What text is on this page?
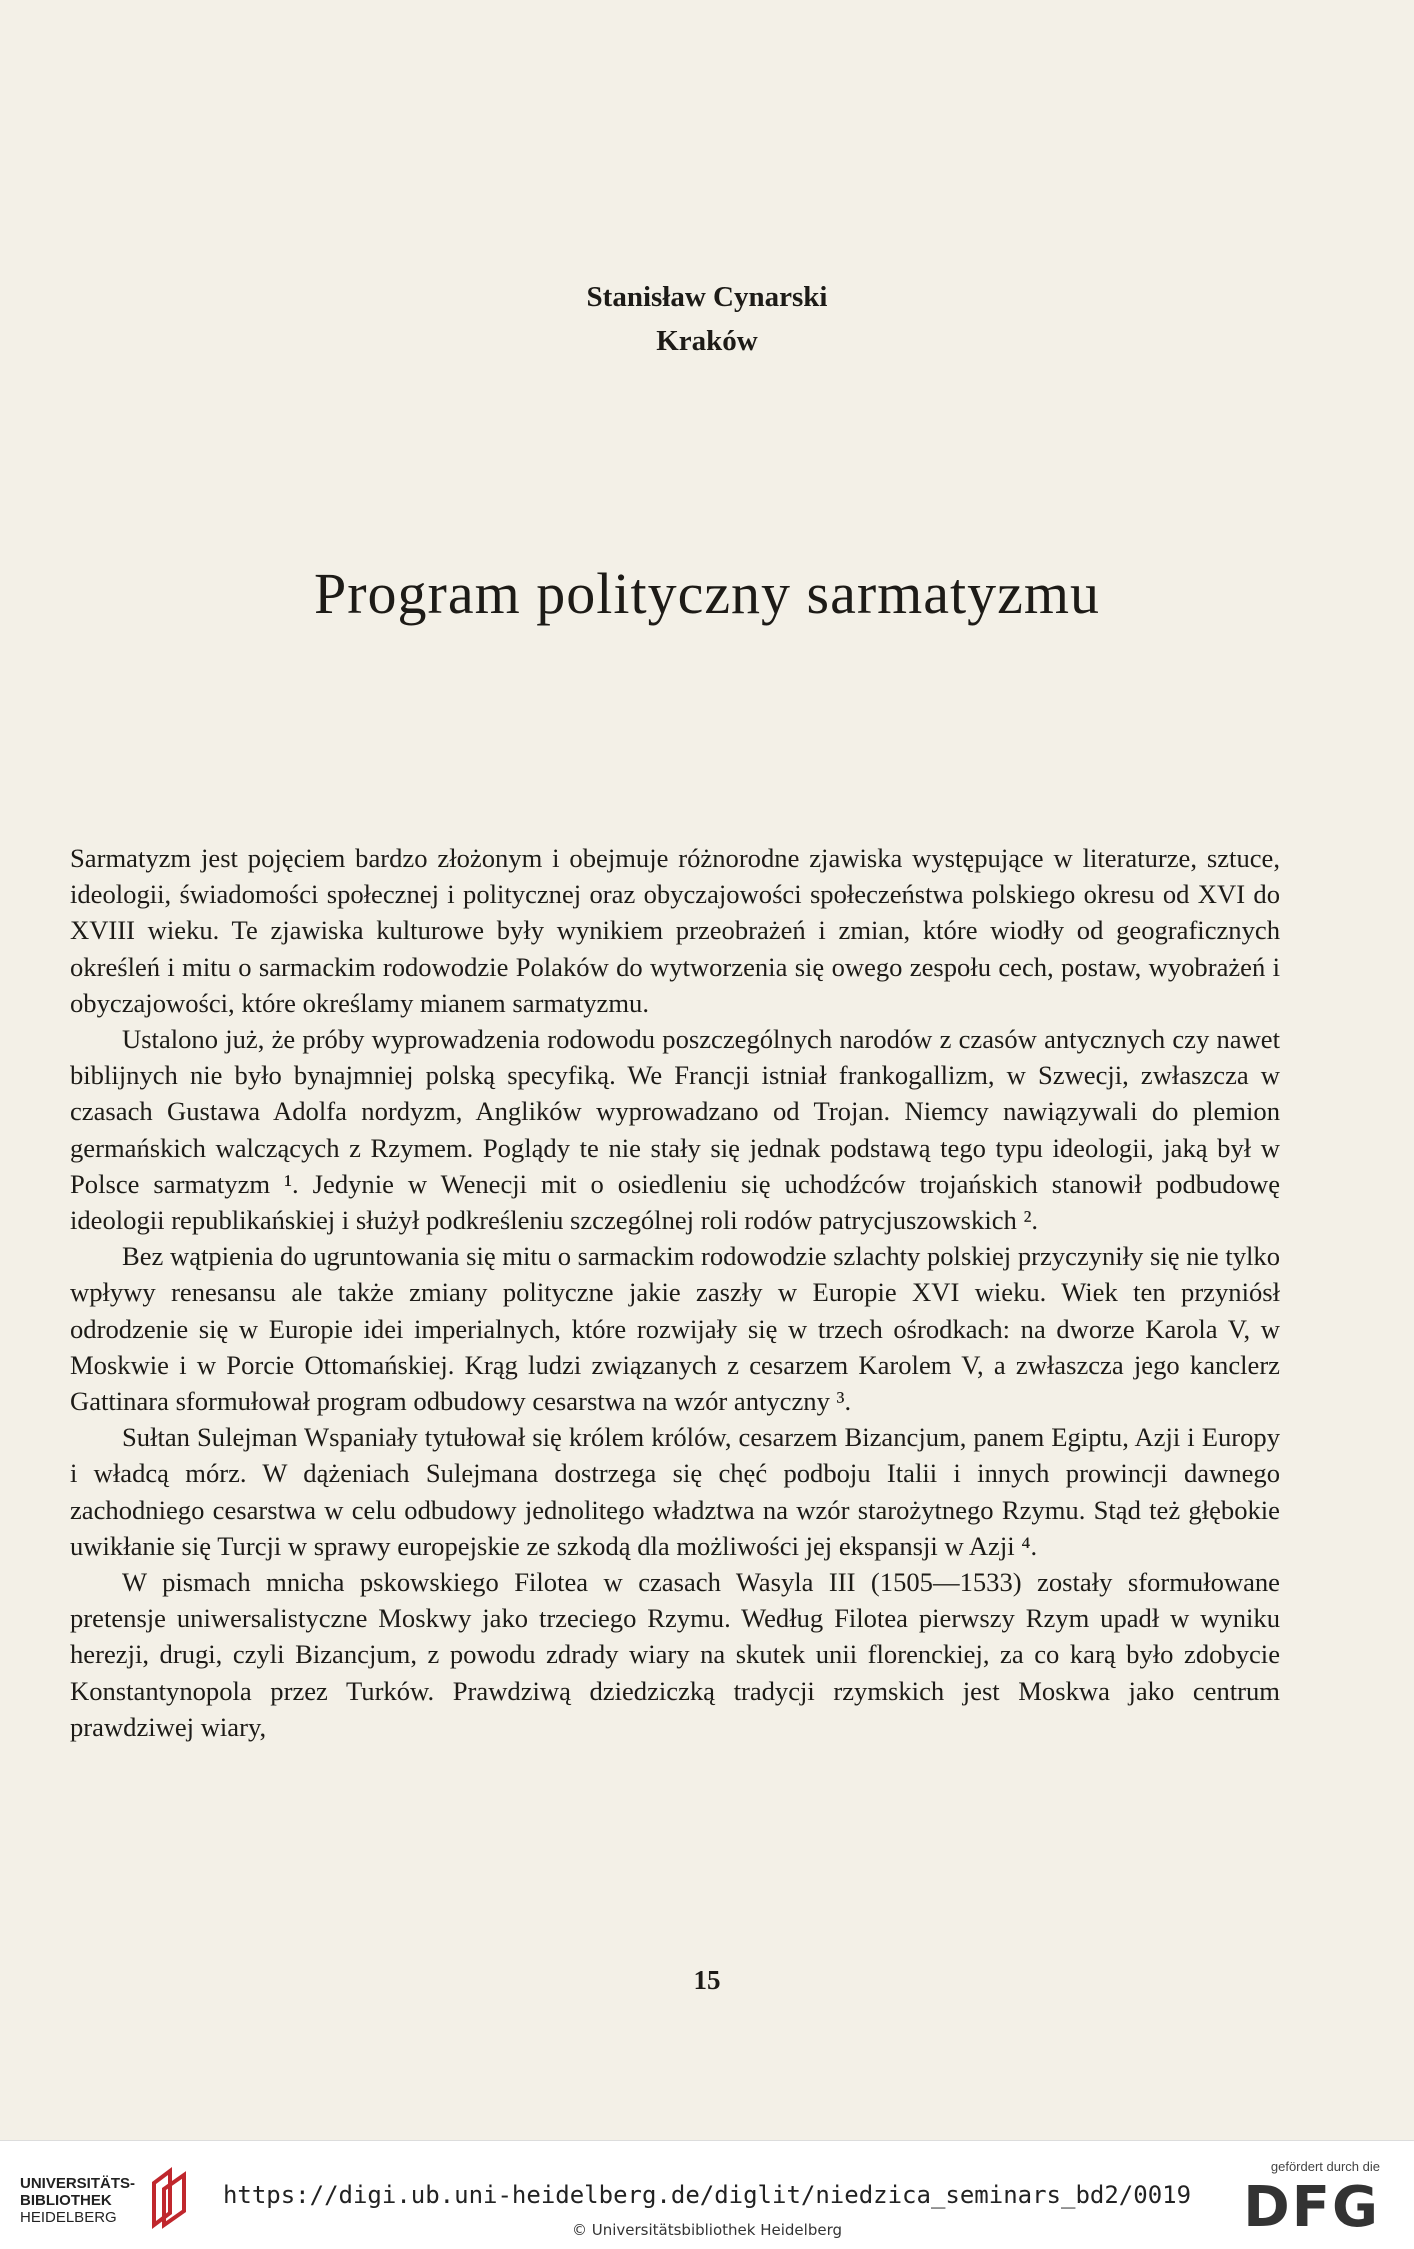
Stanisław Cynarski
Kraków
Program polityczny sarmatyzmu

Sarmatyzm jest pojęciem bardzo złożonym i obejmuje różnorodne zjawiska występujące w literaturze, sztuce, ideologii, świadomości społecznej i politycznej oraz obyczajowości społeczeństwa polskiego okresu od XVI do XVIII wieku. Te zjawiska kulturowe były wynikiem przeobrażeń i zmian, które wiodły od geograficznych określeń i mitu o sarmackim rodowodzie Polaków do wytworzenia się owego zespołu cech, postaw, wyobrażeń i obyczajowości, które określamy mianem sarmatyzmu.

Ustalono już, że próby wyprowadzenia rodowodu poszczególnych narodów z czasów antycznych czy nawet biblijnych nie było bynajmniej polską specyfiką. We Francji istniał frankogallizm, w Szwecji, zwłaszcza w czasach Gustawa Adolfa nordyzm, Anglików wyprowadzano od Trojan. Niemcy nawiązywali do plemion germańskich walczących z Rzymem. Poglądy te nie stały się jednak podstawą tego typu ideologii, jaką był w Polsce sarmatyzm ¹. Jedynie w Wenecji mit o osiedleniu się uchodźców trojańskich stanowił podbudowę ideologii republikańskiej i służył podkreśleniu szczególnej roli rodów patrycjuszowskich ².

Bez wątpienia do ugruntowania się mitu o sarmackim rodowodzie szlachty polskiej przyczyniły się nie tylko wpływy renesansu ale także zmiany polityczne jakie zaszły w Europie XVI wieku. Wiek ten przyniósł odrodzenie się w Europie idei imperialnych, które rozwijały się w trzech ośrodkach: na dworze Karola V, w Moskwie i w Porcie Ottomańskiej. Krąg ludzi związanych z cesarzem Karolem V, a zwłaszcza jego kanclerz Gattinara sformułował program odbudowy cesarstwa na wzór antyczny ³.

Sułtan Sulejman Wspaniały tytułował się królem królów, cesarzem Bizancjum, panem Egiptu, Azji i Europy i władcą mórz. W dążeniach Sulejmana dostrzega się chęć podboju Italii i innych prowincji dawnego zachodniego cesarstwa w celu odbudowy jednolitego władztwa na wzór starożytnego Rzymu. Stąd też głębokie uwikłanie się Turcji w sprawy europejskie ze szkodą dla możliwości jej ekspansji w Azji ⁴.

W pismach mnicha pskowskiego Filotea w czasach Wasyla III (1505—1533) zostały sformułowane pretensje uniwersalistyczne Moskwy jako trzeciego Rzymu. Według Filotea pierwszy Rzym upadł w wyniku herezji, drugi, czyli Bizancjum, z powodu zdrady wiary na skutek unii florenckiej, za co karą było zdobycie Konstantynopola przez Turków. Prawdziwą dziedziczką tradycji rzymskich jest Moskwa jako centrum prawdziwej wiary,

15
UNIVERSITÄTS-
BIBLIOTHEK
HEIDELBERG
https://digi.ub.uni-heidelberg.de/diglit/niedzica_seminars_bd2/0019
© Universitätsbibliothek Heidelberg
gefördert durch die
DFG
